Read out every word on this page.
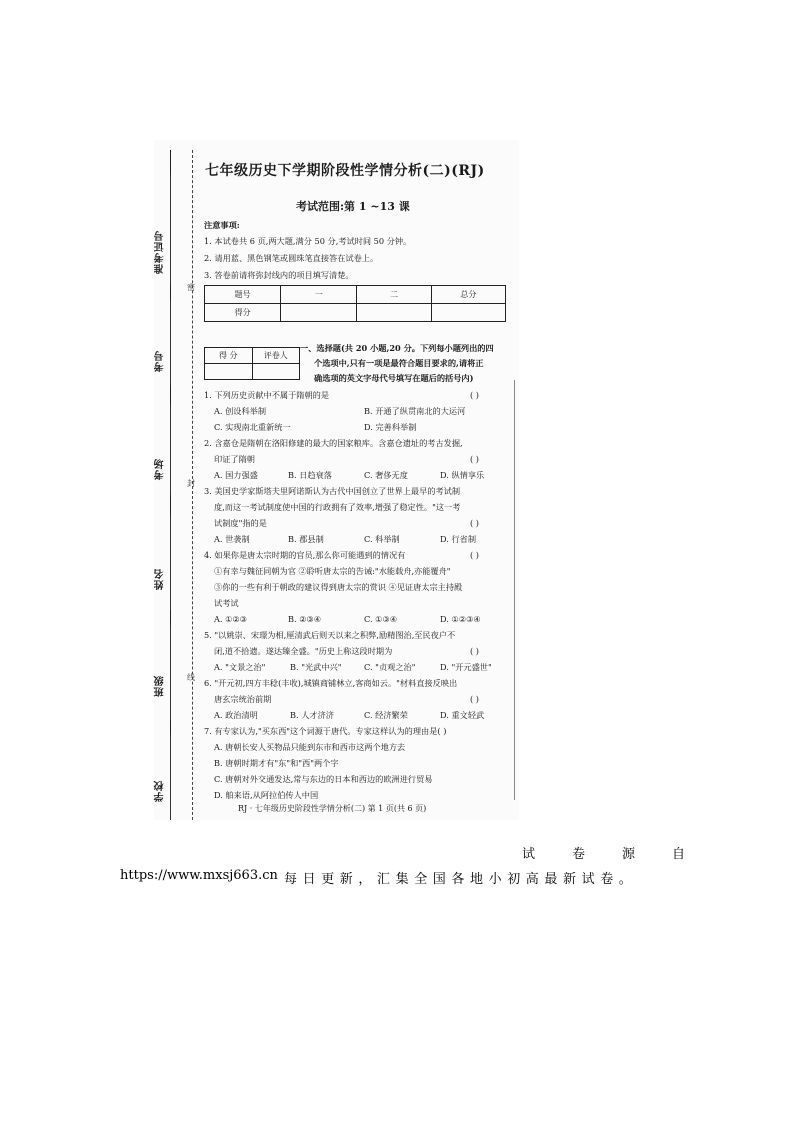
准考证号
考号
考场
姓名
班级
学校
密
封
线
七年级历史下学期阶段性学情分析(二)(RJ)
考试范围:第 1 ~13 课
注意事项:
1. 本试卷共 6 页,两大题,满分 50 分,考试时间 50 分钟。
2. 请用蓝、黑色钢笔或圆珠笔直接答在试卷上。
3. 答卷前请将弥封线内的项目填写清楚。
题号	一	二	总分
得分			
得 分	评卷人

一、选择题(共 20 小题,20 分。下列每小题列出的四
个选项中,只有一项是最符合题目要求的,请将正
确选项的英文字母代号填写在题后的括号内)
1. 下列历史贡献中不属于隋朝的是	( )
A. 创设科举制	B. 开通了纵贯南北的大运河
C. 实现南北重新统一	D. 完善科举制
2. 含嘉仓是隋朝在洛阳修建的最大的国家粮库。含嘉仓遗址的考古发掘,
印证了隋朝	( )
A. 国力强盛	B. 日趋衰落	C. 奢侈无度	D. 纵情享乐
3. 美国史学家斯塔夫里阿诺斯认为古代中国创立了世界上最早的考试制
度,而这一考试制度使中国的行政拥有了效率,增强了稳定性。"这一考
试制度"指的是	( )
A. 世袭制	B. 郡县制	C. 科举制	D. 行省制
4. 如果你是唐太宗时期的官员,那么你可能遇到的情况有	( )
①有幸与魏征同朝为官 ②聆听唐太宗的告诫:"水能载舟,亦能覆舟"
③你的一些有利于朝政的建议得到唐太宗的赏识 ④见证唐太宗主持殿
试考试
A. ①②③	B. ②③④	C. ①③④	D. ①②③④
5. "以姚崇、宋璟为相,厘清武后则天以来之积弊,励精图治,至民夜户不
闭,道不拾遗。遂达臻全盛。"历史上称这段时期为	( )
A. "文景之治"	B. "光武中兴"	C. "贞观之治"	D. "开元盛世"
6. "开元初,四方丰稔(丰收),城镇商铺林立,客商如云。"材料直接反映出
唐玄宗统治前期	( )
A. 政治清明	B. 人才济济	C. 经济繁荣	D. 重文轻武
7. 有专家认为,"买东西"这个词源于唐代。专家这样认为的理由是( )
A. 唐朝长安人买物品只能到东市和西市这两个地方去
B. 唐朝时期才有"东"和"西"两个字
C. 唐朝对外交通发达,常与东边的日本和西边的欧洲进行贸易
D. 舶来语,从阿拉伯传人中国
RJ · 七年级历史阶段性学情分析(二) 第 1 页(共 6 页)
试卷源自
https://www.mxsj663.cn 每日更新，汇集全国各地小初高最新试卷。
